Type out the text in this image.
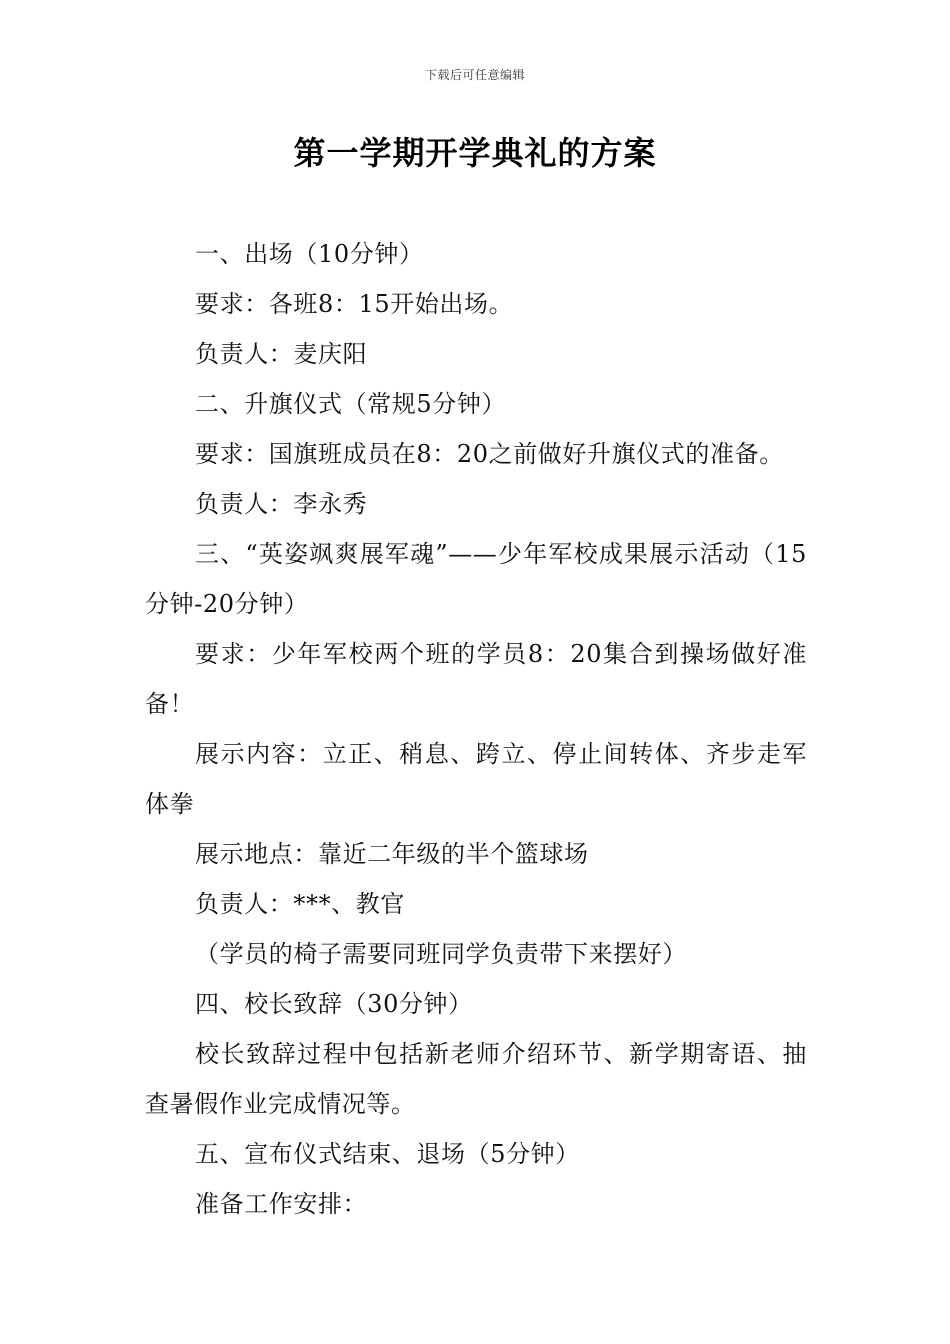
下载后可任意编辑
第一学期开学典礼的方案

一、出场（10分钟）

要求：各班8：15开始出场。

负责人：麦庆阳

二、升旗仪式（常规5分钟）

要求：国旗班成员在8：20之前做好升旗仪式的准备。

负责人：李永秀

三、“英姿飒爽展军魂”——少年军校成果展示活动（15分钟-20分钟）

要求：少年军校两个班的学员8：20集合到操场做好准备！

展示内容：立正、稍息、跨立、停止间转体、齐步走军体拳

展示地点：靠近二年级的半个篮球场

负责人：***、教官

（学员的椅子需要同班同学负责带下来摆好）

四、校长致辞（30分钟）

校长致辞过程中包括新老师介绍环节、新学期寄语、抽查暑假作业完成情况等。

五、宣布仪式结束、退场（5分钟）

准备工作安排：
